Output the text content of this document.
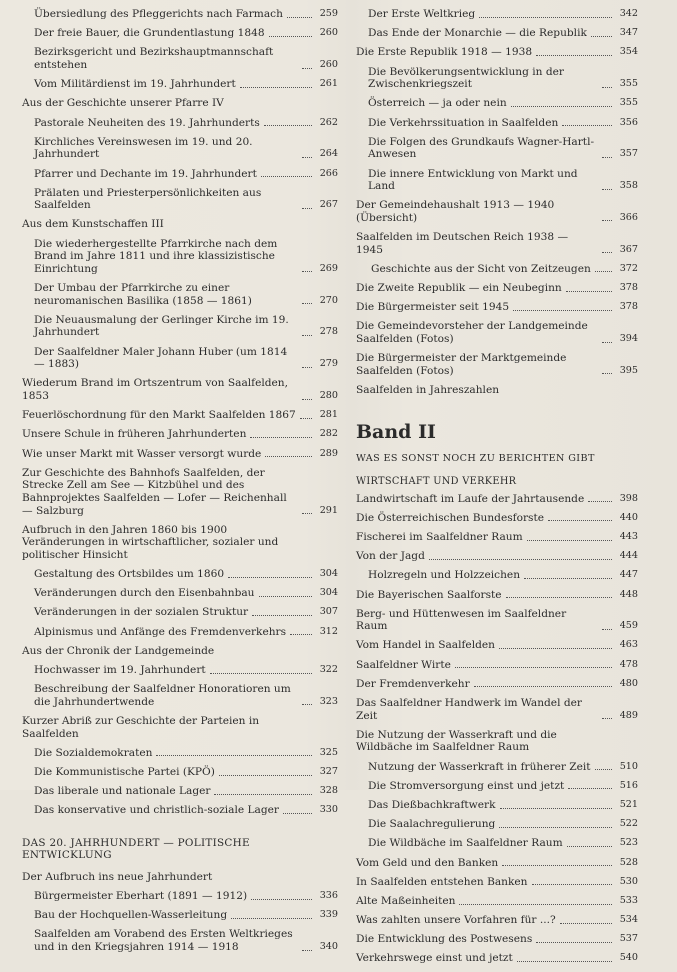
Übersiedlung des Pfleggerichts nach Farmach	259
Der freie Bauer, die Grundentlastung 1848	260
Bezirksgericht und Bezirkshauptmannschaft entstehen	260
Vom Militärdienst im 19. Jahrhundert	261
Aus der Geschichte unserer Pfarre IV
Pastorale Neuheiten des 19. Jahrhunderts	262
Kirchliches Vereinswesen im 19. und 20. Jahrhundert	264
Pfarrer und Dechante im 19. Jahrhundert	266
Prälaten und Priesterpersönlichkeiten aus Saalfelden	267
Aus dem Kunstschaffen III
Die wiederhergestellte Pfarrkirche nach dem Brand im Jahre 1811 und ihre klassizistische Einrichtung	269
Der Umbau der Pfarrkirche zu einer neuromanischen Basilika (1858 — 1861)	270
Die Neuausmalung der Gerlinger Kirche im 19. Jahrhundert	278
Der Saalfeldner Maler Johann Huber (um 1814 — 1883)	279
Wiederum Brand im Ortszentrum von Saalfelden, 1853	280
Feuerlöschordnung für den Markt Saalfelden 1867	281
Unsere Schule in früheren Jahrhunderten	282
Wie unser Markt mit Wasser versorgt wurde	289
Zur Geschichte des Bahnhofs Saalfelden, der Strecke Zell am See — Kitzbühel und des Bahnprojektes Saalfelden — Lofer — Reichenhall — Salzburg	291
Aufbruch in den Jahren 1860 bis 1900 Veränderungen in wirtschaftlicher, sozialer und politischer Hinsicht
Gestaltung des Ortsbildes um 1860	304
Veränderungen durch den Eisenbahnbau	304
Veränderungen in der sozialen Struktur	307
Alpinismus und Anfänge des Fremdenverkehrs	312
Aus der Chronik der Landgemeinde
Hochwasser im 19. Jahrhundert	322
Beschreibung der Saalfeldner Honoratioren um die Jahrhundertwende	323
Kurzer Abriß zur Geschichte der Parteien in Saalfelden
Die Sozialdemokraten	325
Die Kommunistische Partei (KPÖ)	327
Das liberale und nationale Lager	328
Das konservative und christlich-soziale Lager	330
DAS 20. JAHRHUNDERT — POLITISCHE ENTWICKLUNG
Der Aufbruch ins neue Jahrhundert
Bürgermeister Eberhart (1891 — 1912)	336
Bau der Hochquellen-Wasserleitung	339
Saalfelden am Vorabend des Ersten Weltkrieges und in den Kriegsjahren 1914 — 1918	340
Der Erste Weltkrieg	342
Das Ende der Monarchie — die Republik	347
Die Erste Republik 1918 — 1938	354
Die Bevölkerungsentwicklung in der Zwischenkriegszeit	355
Österreich — ja oder nein	355
Die Verkehrssituation in Saalfelden	356
Die Folgen des Grundkaufs Wagner-Hartl-Anwesen	357
Die innere Entwicklung von Markt und Land	358
Der Gemeindehaushalt 1913 — 1940 (Übersicht)	366
Saalfelden im Deutschen Reich 1938 — 1945	367
Geschichte aus der Sicht von Zeitzeugen	372
Die Zweite Republik — ein Neubeginn	378
Die Bürgermeister seit 1945	378
Die Gemeindevorsteher der Landgemeinde Saalfelden (Fotos)	394
Die Bürgermeister der Marktgemeinde Saalfelden (Fotos)	395
Saalfelden in Jahreszahlen
Band II
WAS ES SONST NOCH ZU BERICHTEN GIBT
WIRTSCHAFT UND VERKEHR
Landwirtschaft im Laufe der Jahrtausende	398
Die Österreichischen Bundesforste	440
Fischerei im Saalfeldner Raum	443
Von der Jagd	444
Holzregeln und Holzzeichen	447
Die Bayerischen Saalforste	448
Berg- und Hüttenwesen im Saalfeldner Raum	459
Vom Handel in Saalfelden	463
Saalfeldner Wirte	478
Der Fremdenverkehr	480
Das Saalfeldner Handwerk im Wandel der Zeit	489
Die Nutzung der Wasserkraft und die Wildbäche im Saalfeldner Raum
Nutzung der Wasserkraft in früherer Zeit	510
Die Stromversorgung einst und jetzt	516
Das Dießbachkraftwerk	521
Die Saalachregulierung	522
Die Wildbäche im Saalfeldner Raum	523
Vom Geld und den Banken	528
In Saalfelden entstehen Banken	530
Alte Maßeinheiten	533
Was zahlten unsere Vorfahren für ...?	534
Die Entwicklung des Postwesens	537
Verkehrswege einst und jetzt	540
